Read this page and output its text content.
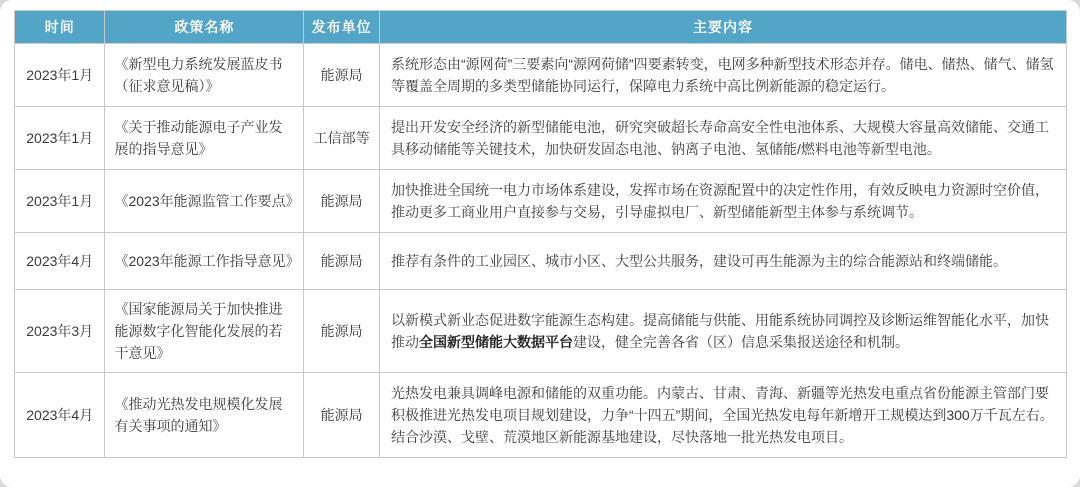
时间	政策名称	发布单位	主要内容
2023年1月	《新型电力系统发展蓝皮书（征求意见稿）》	能源局	系统形态由“源网荷”三要素向“源网荷储”四要素转变，电网多种新型技术形态并存。储电、储热、储气、储氢等覆盖全周期的多类型储能协同运行，保障电力系统中高比例新能源的稳定运行。
2023年1月	《关于推动能源电子产业发展的指导意见》	工信部等	提出开发安全经济的新型储能电池，研究突破超长寿命高安全性电池体系、大规模大容量高效储能、交通工具移动储能等关键技术，加快研发固态电池、钠离子电池、氢储能/燃料电池等新型电池。
2023年1月	《2023年能源监管工作要点》	能源局	加快推进全国统一电力市场体系建设，发挥市场在资源配置中的决定性作用，有效反映电力资源时空价值，推动更多工商业用户直接参与交易，引导虚拟电厂、新型储能新型主体参与系统调节。
2023年4月	《2023年能源工作指导意见》	能源局	推荐有条件的工业园区、城市小区、大型公共服务，建设可再生能源为主的综合能源站和终端储能。
2023年3月	《国家能源局关于加快推进能源数字化智能化发展的若干意见》	能源局	以新模式新业态促进数字能源生态构建。提高储能与供能、用能系统协同调控及诊断运维智能化水平，加快推动全国新型储能大数据平台建设，健全完善各省（区）信息采集报送途径和机制。
2023年4月	《推动光热发电规模化发展有关事项的通知》	能源局	光热发电兼具调峰电源和储能的双重功能。内蒙古、甘肃、青海、新疆等光热发电重点省份能源主管部门要积极推进光热发电项目规划建设，力争“十四五”期间，全国光热发电每年新增开工规模达到300万千瓦左右。结合沙漠、戈壁、荒漠地区新能源基地建设，尽快落地一批光热发电项目。
